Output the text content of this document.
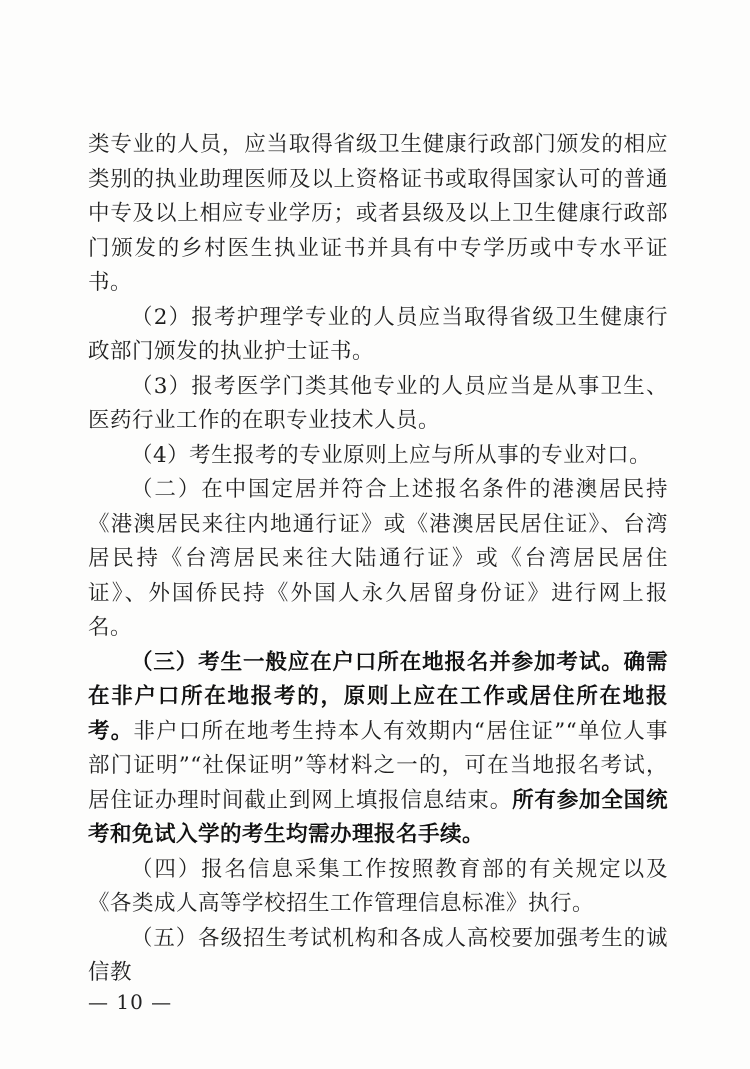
类专业的人员，应当取得省级卫生健康行政部门颁发的相应类别的执业助理医师及以上资格证书或取得国家认可的普通中专及以上相应专业学历；或者县级及以上卫生健康行政部门颁发的乡村医生执业证书并具有中专学历或中专水平证书。

（2）报考护理学专业的人员应当取得省级卫生健康行政部门颁发的执业护士证书。

（3）报考医学门类其他专业的人员应当是从事卫生、医药行业工作的在职专业技术人员。

（4）考生报考的专业原则上应与所从事的专业对口。

（二）在中国定居并符合上述报名条件的港澳居民持《港澳居民来往内地通行证》或《港澳居民居住证》、台湾居民持《台湾居民来往大陆通行证》或《台湾居民居住证》、外国侨民持《外国人永久居留身份证》进行网上报名。

（三）考生一般应在户口所在地报名并参加考试。确需在非户口所在地报考的，原则上应在工作或居住所在地报考。非户口所在地考生持本人有效期内“居住证”“单位人事部门证明”“社保证明”等材料之一的，可在当地报名考试，居住证办理时间截止到网上填报信息结束。所有参加全国统考和免试入学的考生均需办理报名手续。

（四）报名信息采集工作按照教育部的有关规定以及《各类成人高等学校招生工作管理信息标准》执行。

（五）各级招生考试机构和各成人高校要加强考生的诚信教

— 10 —
